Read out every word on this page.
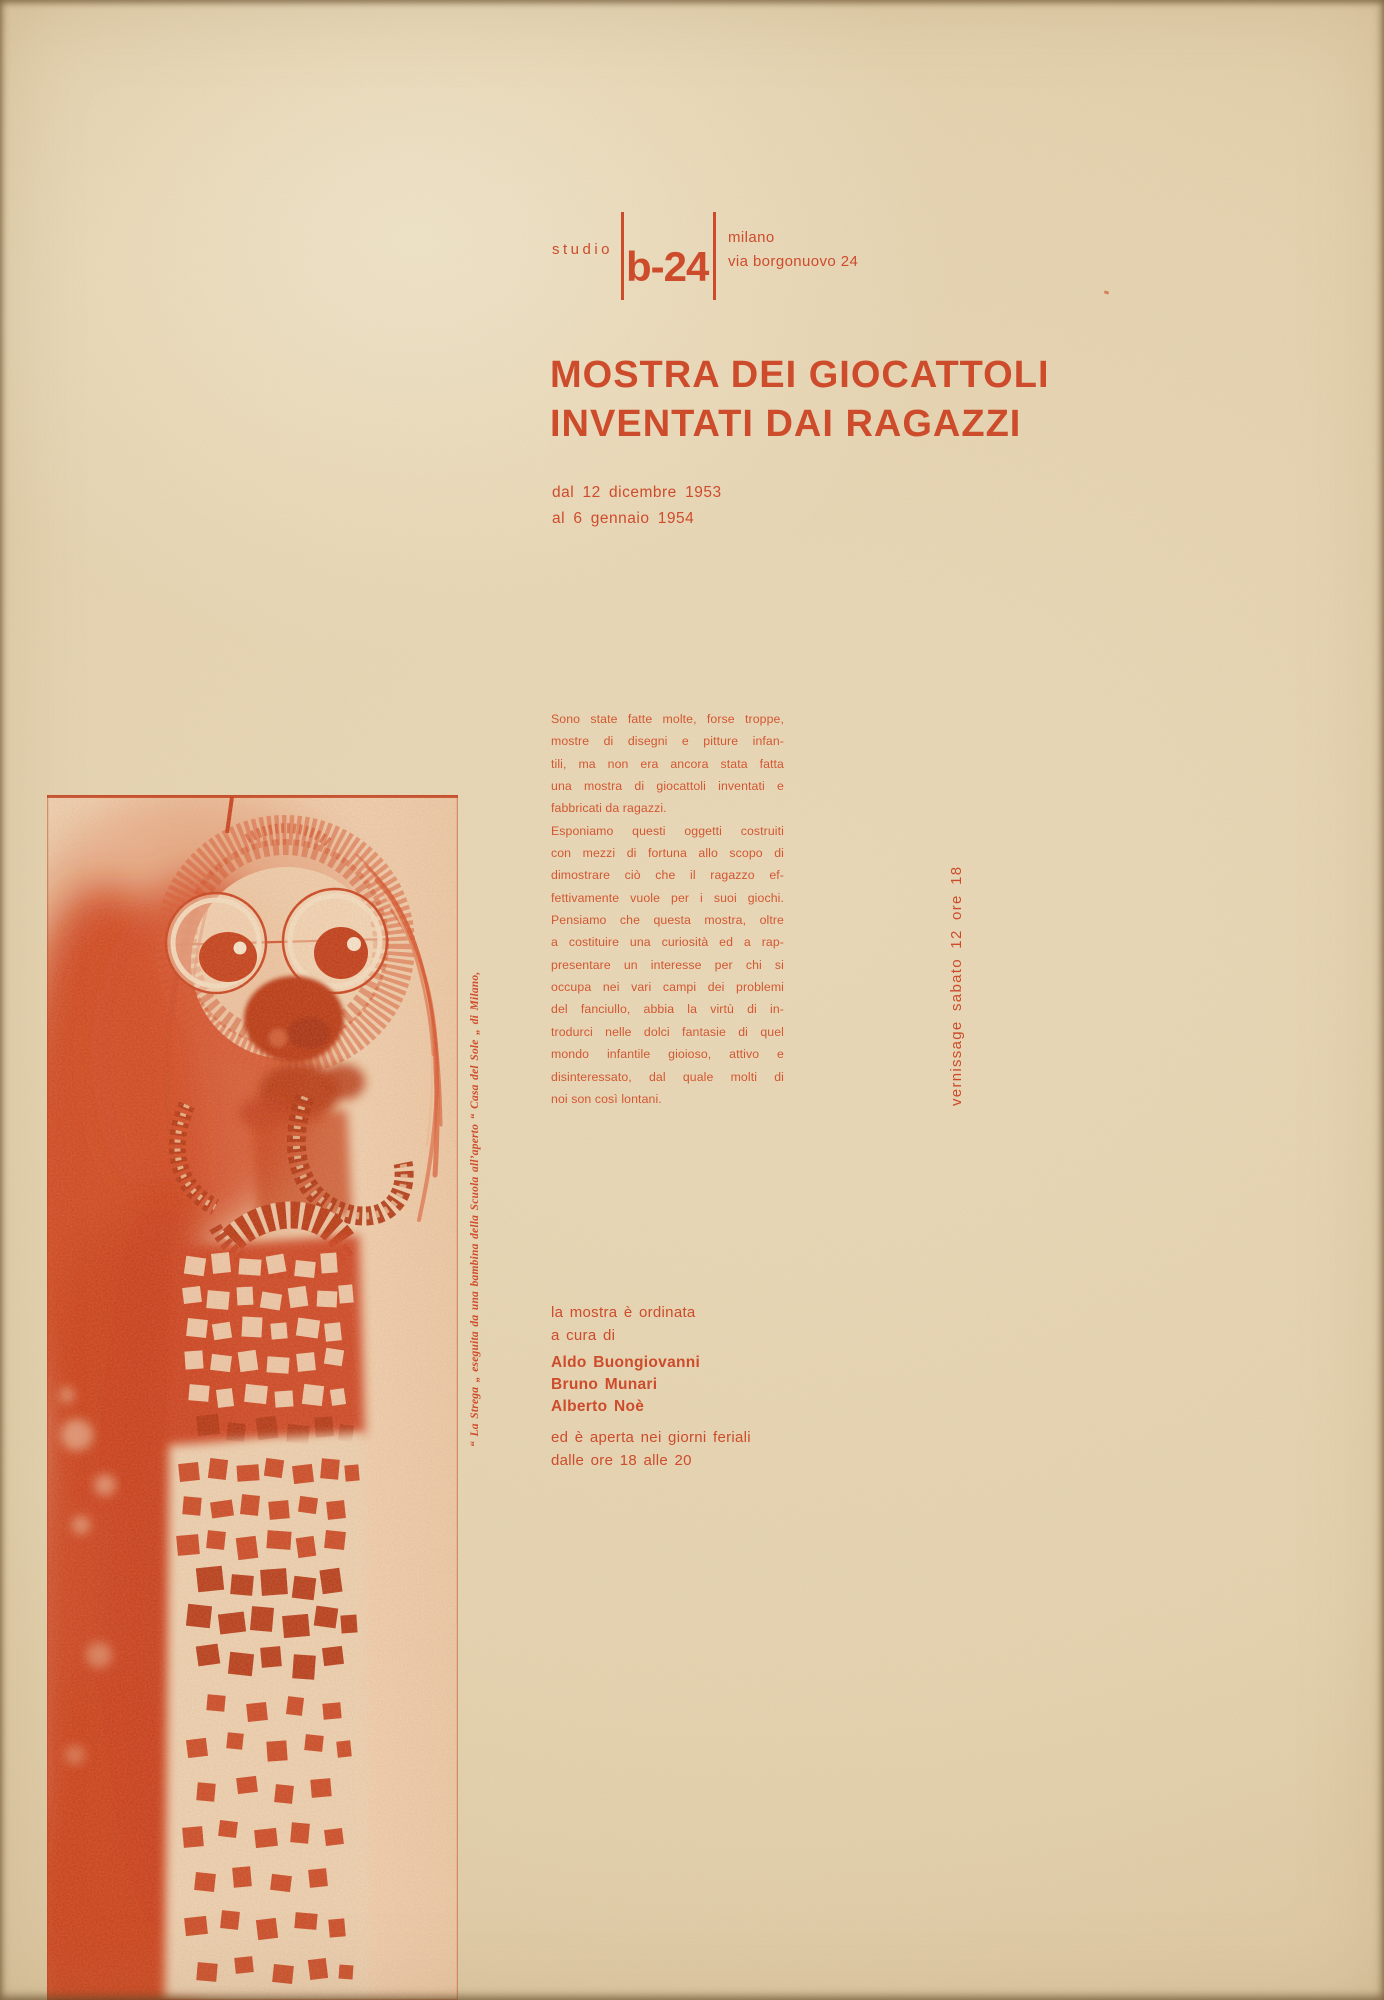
“ La Strega „ eseguita da una bambina della Scuola all’aperto “ Casa del Sole „ di Milano,
studio b-24
milano
via borgonuovo 24
MOSTRA DEI GIOCATTOLI
INVENTATI DAI RAGAZZI
dal 12 dicembre 1953
al 6 gennaio 1954
Sono state fatte molte, forse troppe,
mostre di disegni e pitture infan-
tili, ma non era ancora stata fatta
una mostra di giocattoli inventati e
fabbricati da ragazzi.
Esponiamo questi oggetti costruiti
con mezzi di fortuna allo scopo di
dimostrare ciò che il ragazzo ef-
fettivamente vuole per i suoi giochi.
Pensiamo che questa mostra, oltre
a costituire una curiosità ed a rap-
presentare un interesse per chi si
occupa nei vari campi dei problemi
del fanciullo, abbia la virtù di in-
trodurci nelle dolci fantasie di quel
mondo infantile gioioso, attivo e
disinteressato, dal quale molti di
noi son così lontani.	vernissage sabato 12 ore 18
la mostra è ordinata
a cura di
Aldo Buongiovanni
Bruno Munari
Alberto Noè
ed è aperta nei giorni feriali
dalle ore 18 alle 20
